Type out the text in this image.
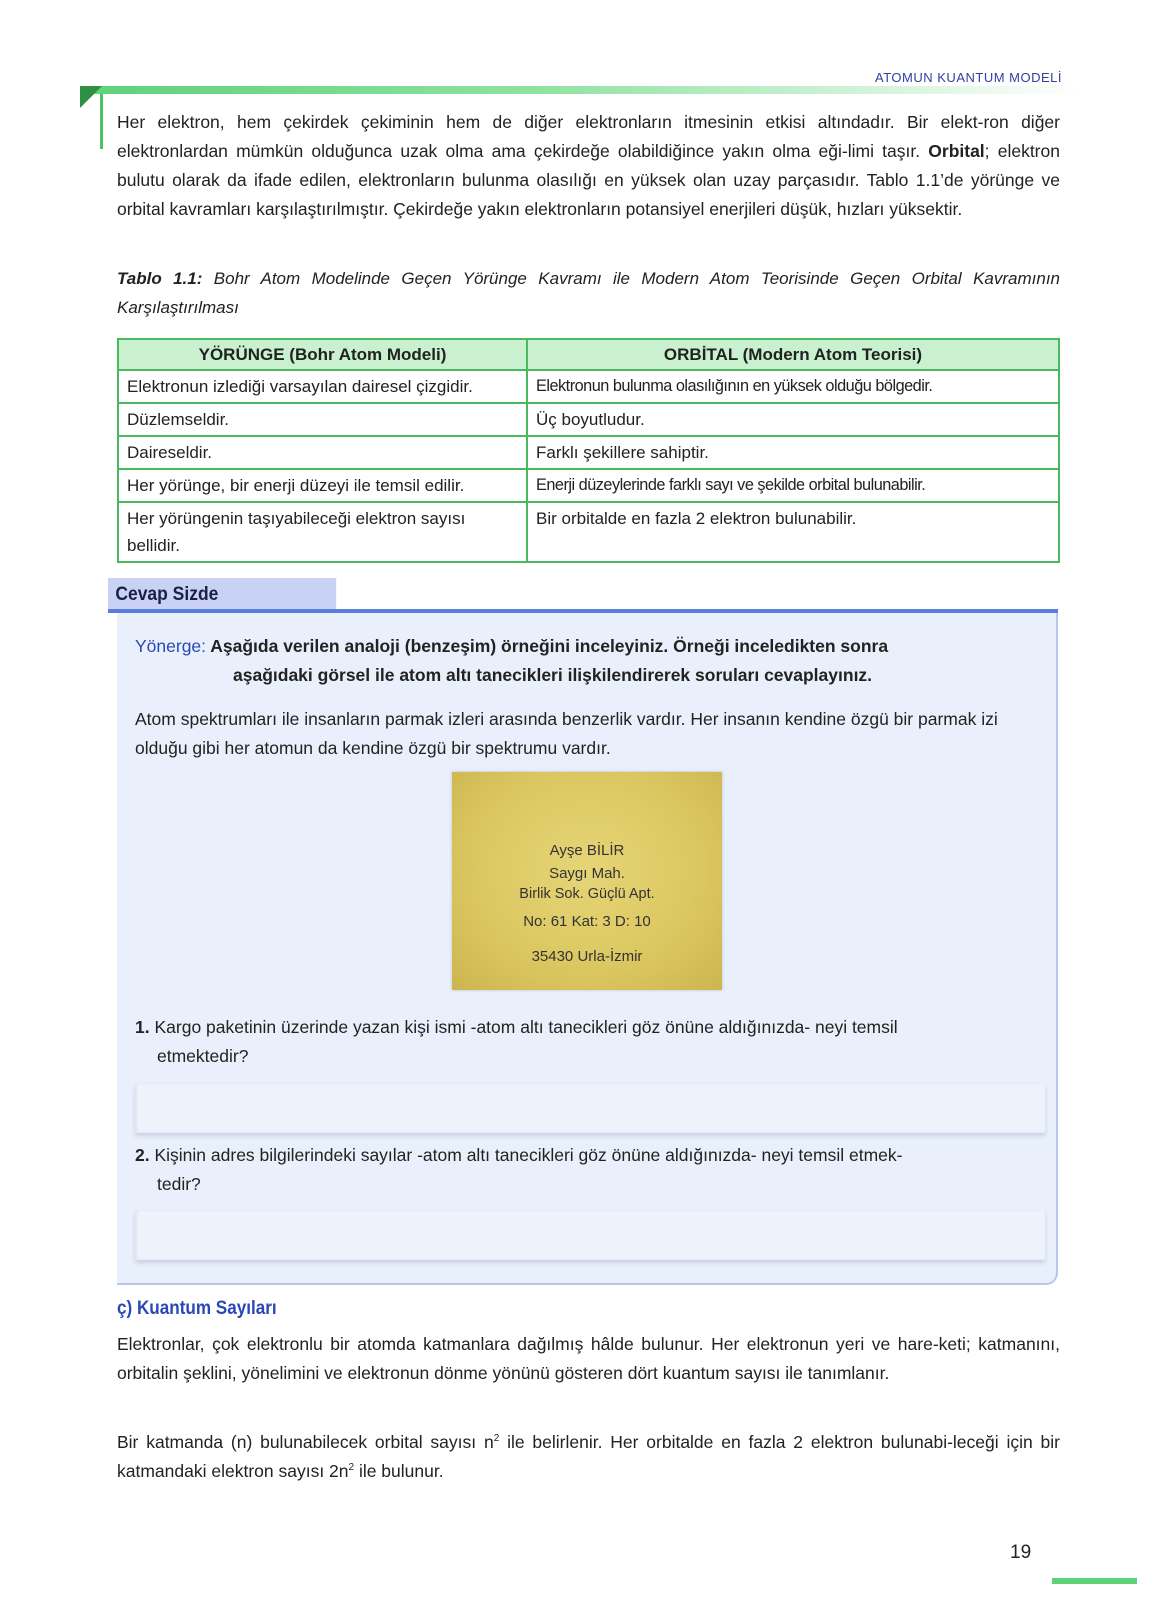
ATOMUN KUANTUM MODELİ
Her elektron, hem çekirdek çekiminin hem de diğer elektronların itmesinin etkisi altındadır. Bir elekt-ron diğer elektronlardan mümkün olduğunca uzak olma ama çekirdeğe olabildiğince yakın olma eği-limi taşır. Orbital; elektron bulutu olarak da ifade edilen, elektronların bulunma olasılığı en yüksek olan uzay parçasıdır. Tablo 1.1’de yörünge ve orbital kavramları karşılaştırılmıştır. Çekirdeğe yakın elektronların potansiyel enerjileri düşük, hızları yüksektir.
Tablo 1.1: Bohr Atom Modelinde Geçen Yörünge Kavramı ile Modern Atom Teorisinde Geçen Orbital Kavramının Karşılaştırılması
YÖRÜNGE (Bohr Atom Modeli)	ORBİTAL (Modern Atom Teorisi)
Elektronun izlediği varsayılan dairesel çizgidir.	Elektronun bulunma olasılığının en yüksek olduğu bölgedir.
Düzlemseldir.	Üç boyutludur.
Daireseldir.	Farklı şekillere sahiptir.
Her yörünge, bir enerji düzeyi ile temsil edilir.	Enerji düzeylerinde farklı sayı ve şekilde orbital bulunabilir.
Her yörüngenin taşıyabileceği elektron sayısı bellidir.	Bir orbitalde en fazla 2 elektron bulunabilir.
Cevap Sizde
Yönerge: Aşağıda verilen analoji (benzeşim) örneğini inceleyiniz. Örneği inceledikten sonra
aşağıdaki görsel ile atom altı tanecikleri ilişkilendirerek soruları cevaplayınız.
Atom spektrumları ile insanların parmak izleri arasında benzerlik vardır. Her insanın kendine özgü bir parmak izi olduğu gibi her atomun da kendine özgü bir spektrumu vardır.
Ayşe BİLİR
Saygı Mah.
Birlik Sok. Güçlü Apt.
No: 61 Kat: 3 D: 10
35430 Urla-İzmir
1. Kargo paketinin üzerinde yazan kişi ismi -atom altı tanecikleri göz önüne aldığınızda- neyi temsil
etmektedir?
2. Kişinin adres bilgilerindeki sayılar -atom altı tanecikleri göz önüne aldığınızda- neyi temsil etmek-
tedir?
ç) Kuantum Sayıları
Elektronlar, çok elektronlu bir atomda katmanlara dağılmış hâlde bulunur. Her elektronun yeri ve hare-keti; katmanını, orbitalin şeklini, yönelimini ve elektronun dönme yönünü gösteren dört kuantum sayısı ile tanımlanır.
Bir katmanda (n) bulunabilecek orbital sayısı $n^2$ ile belirlenir. Her orbitalde en fazla 2 elektron bulunabi-leceği için bir katmandaki elektron sayısı $2n^2$ ile bulunur.
19
